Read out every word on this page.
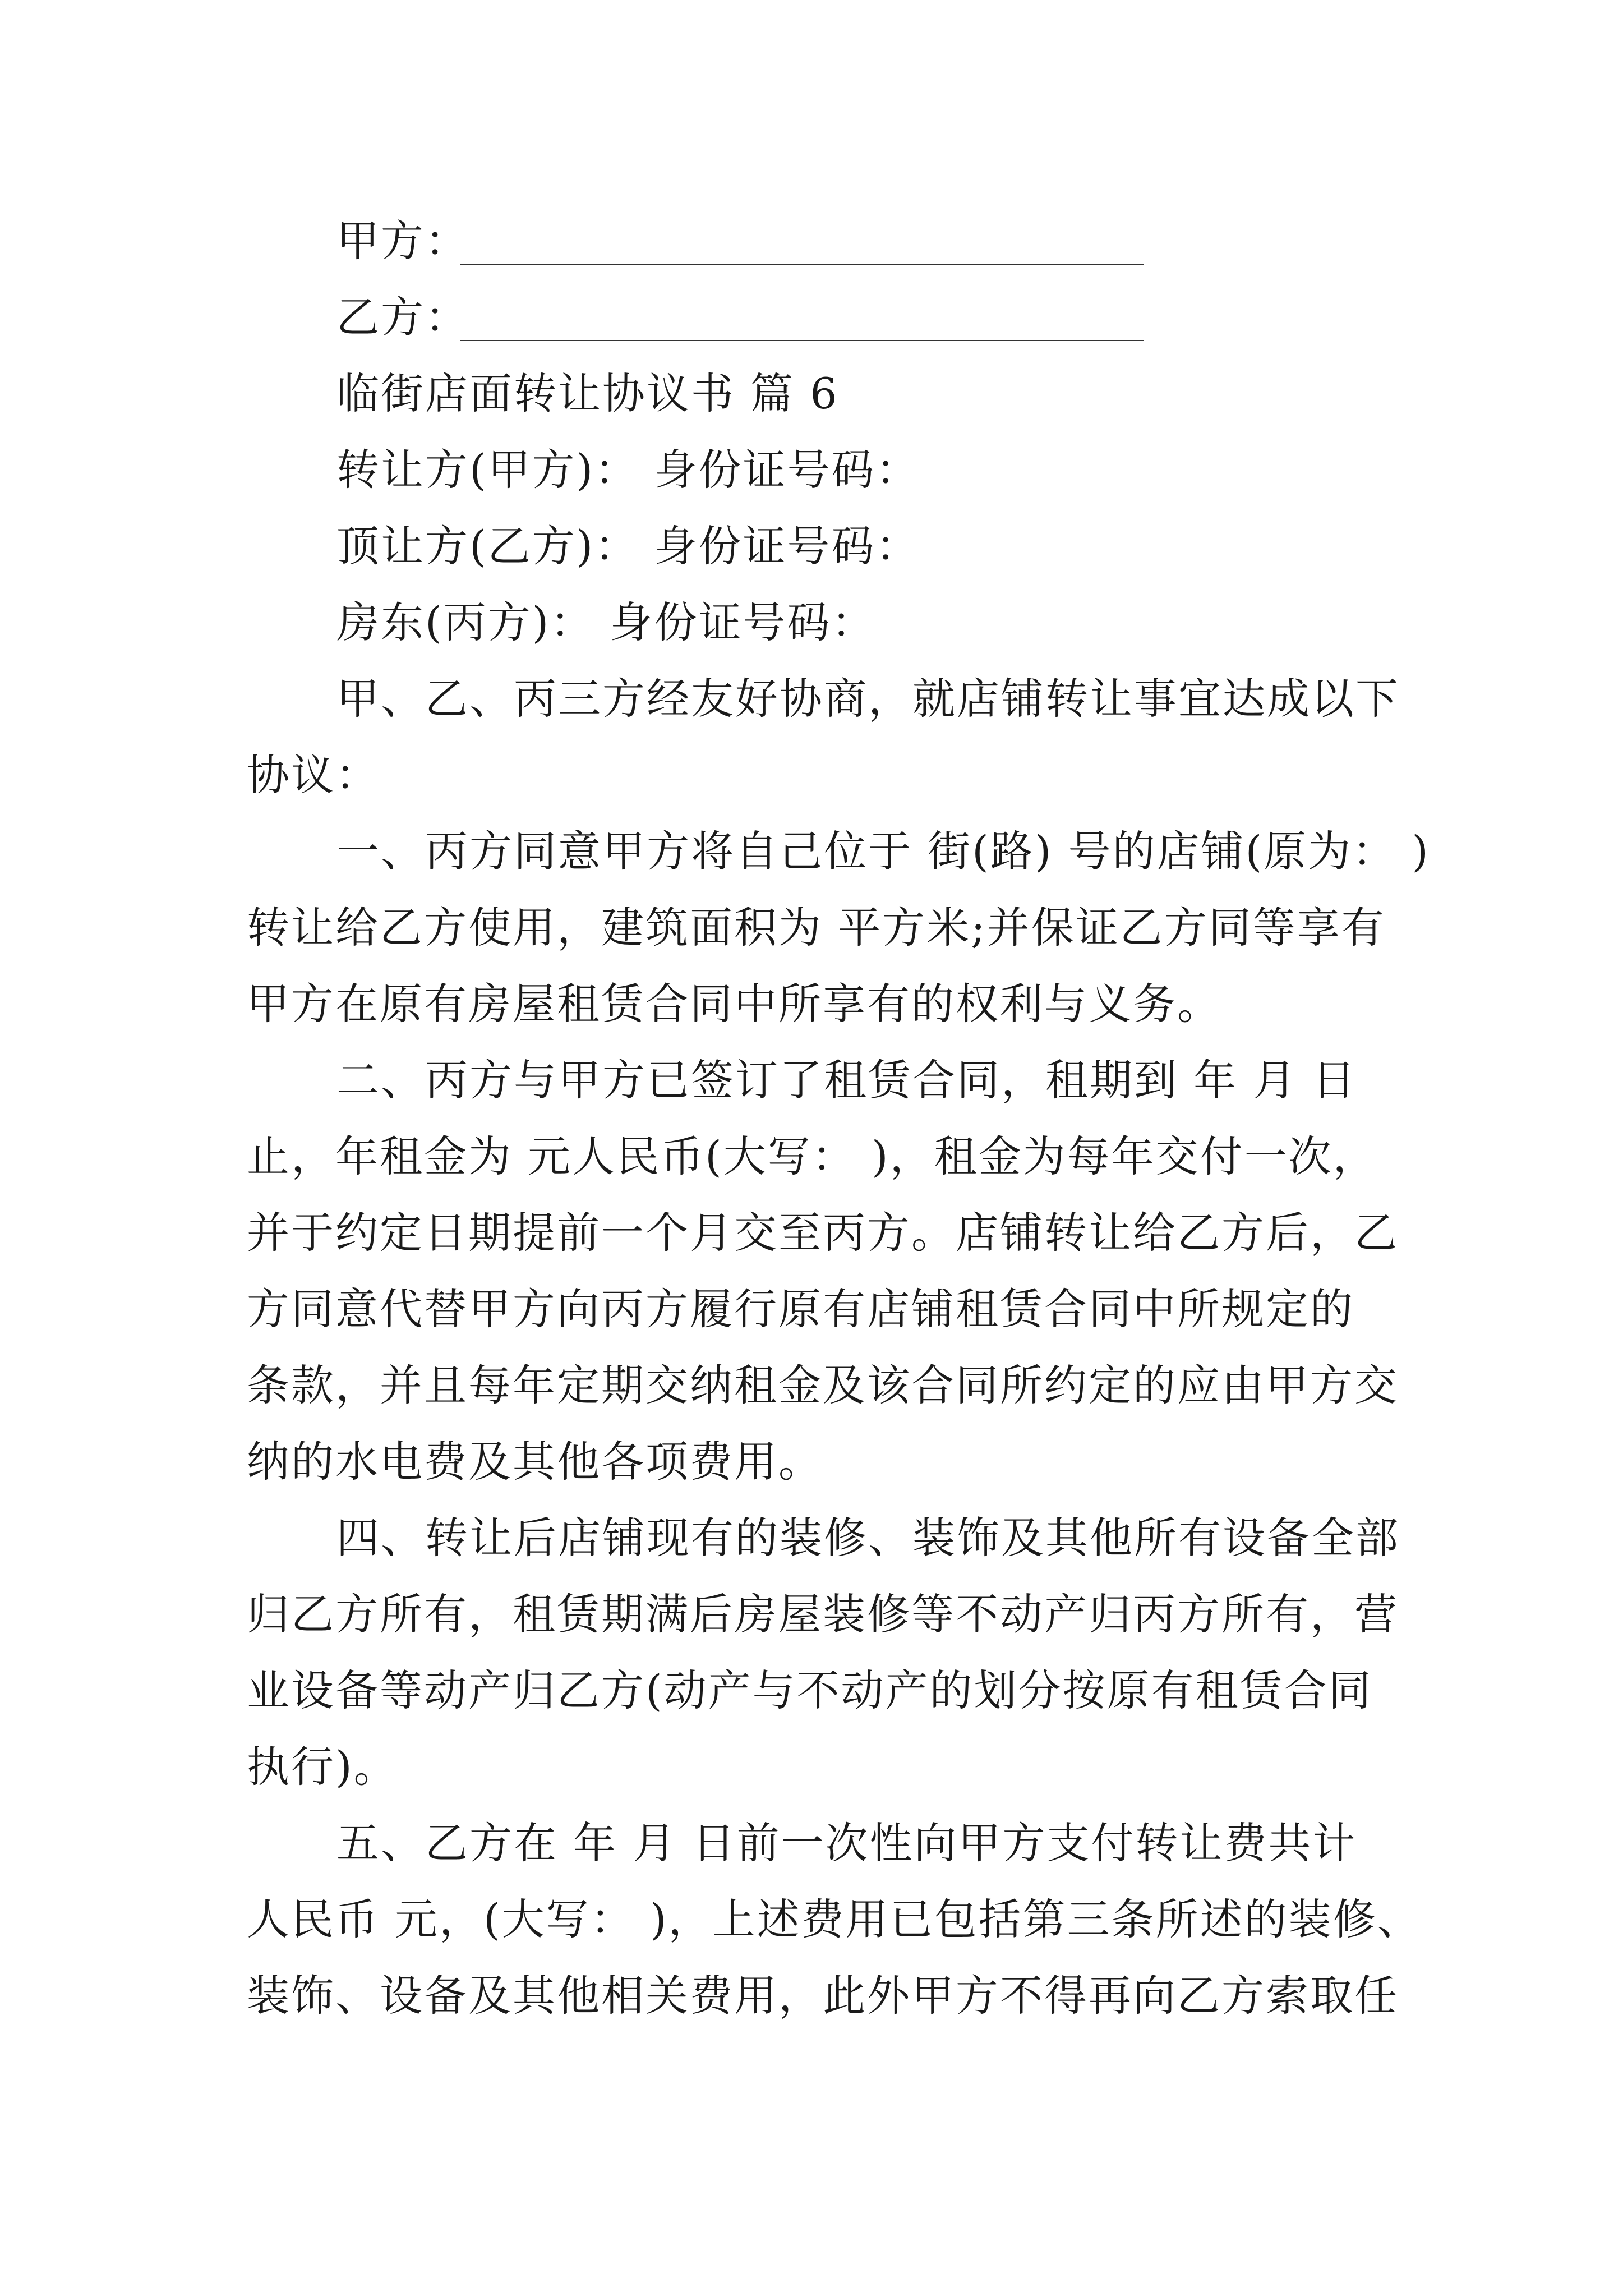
甲方：
乙方：
临街店面转让协议书 篇 6
转让方(甲方)： 身份证号码：
顶让方(乙方)： 身份证号码：
房东(丙方)： 身份证号码：
甲、乙、丙三方经友好协商，就店铺转让事宜达成以下
协议：
一、丙方同意甲方将自己位于 街(路) 号的店铺(原为： )
转让给乙方使用，建筑面积为 平方米;并保证乙方同等享有
甲方在原有房屋租赁合同中所享有的权利与义务。
二、丙方与甲方已签订了租赁合同，租期到 年 月 日
止，年租金为 元人民币(大写： )，租金为每年交付一次，
并于约定日期提前一个月交至丙方。店铺转让给乙方后，乙
方同意代替甲方向丙方履行原有店铺租赁合同中所规定的
条款，并且每年定期交纳租金及该合同所约定的应由甲方交
纳的水电费及其他各项费用。
四、转让后店铺现有的装修、装饰及其他所有设备全部
归乙方所有，租赁期满后房屋装修等不动产归丙方所有，营
业设备等动产归乙方(动产与不动产的划分按原有租赁合同
执行)。
五、乙方在 年 月 日前一次性向甲方支付转让费共计
人民币 元，(大写： )，上述费用已包括第三条所述的装修、
装饰、设备及其他相关费用，此外甲方不得再向乙方索取任
